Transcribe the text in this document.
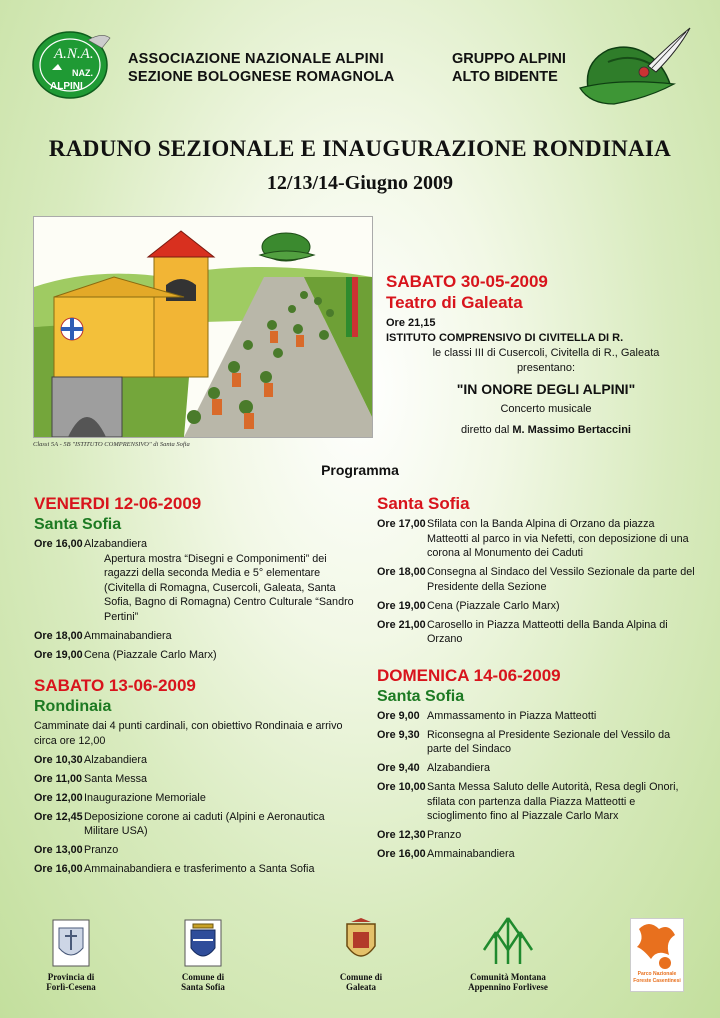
A.N.A.
NAZ.
ALPINI
ASSOCIAZIONE NAZIONALE ALPINI
SEZIONE BOLOGNESE ROMAGNOLA
GRUPPO ALPINI
ALTO BIDENTE
RADUNO SEZIONALE E INAUGURAZIONE RONDINAIA
12/13/14-Giugno 2009
Classi 5A - 5B "ISTITUTO COMPRENSIVO" di Santa Sofia
SABATO 30-05-2009
Teatro di Galeata
Ore 21,15
ISTITUTO COMPRENSIVO DI CIVITELLA DI R.
le classi III di Cusercoli, Civitella di R., Galeata
presentano:
"IN ONORE DEGLI ALPINI"
Concerto musicale
diretto dal M. Massimo Bertaccini
Programma
VENERDI 12-06-2009
Santa Sofia
Ore 16,00 Alzabandiera
Apertura mostra “Disegni e Componimenti” dei ragazzi della seconda Media e 5° elementare (Civitella di Romagna, Cusercoli, Galeata, Santa Sofia, Bagno di Romagna) Centro Culturale “Sandro Pertini”
Ore 18,00 Ammainabandiera
Ore 19,00 Cena (Piazzale Carlo Marx)
SABATO 13-06-2009
Rondinaia
Camminate dai 4 punti cardinali, con obiettivo Rondinaia e arrivo circa ore 12,00
Ore 10,30 Alzabandiera
Ore 11,00 Santa Messa
Ore 12,00 Inaugurazione Memoriale
Ore 12,45 Deposizione corone ai caduti (Alpini e Aeronautica Militare USA)
Ore 13,00 Pranzo
Ore 16,00 Ammainabandiera e trasferimento a Santa Sofia
Santa Sofia
Ore 17,00 Sfilata con la Banda Alpina di Orzano da piazza Matteotti al parco in via Nefetti, con deposizione di una corona al Monumento dei Caduti
Ore 18,00 Consegna al Sindaco del Vessilo Sezionale da parte del Presidente della Sezione
Ore 19,00 Cena (Piazzale Carlo Marx)
Ore 21,00 Carosello in Piazza Matteotti della Banda Alpina di Orzano
DOMENICA 14-06-2009
Santa Sofia
Ore 9,00 Ammassamento in Piazza Matteotti
Ore 9,30 Riconsegna al Presidente Sezionale del Vessilo da parte del Sindaco
Ore 9,40 Alzabandiera
Ore 10,00 Santa Messa Saluto delle Autorità, Resa degli Onori, sfilata con partenza dalla Piazza Matteotti e scioglimento fino al Piazzale Carlo Marx
Ore 12,30 Pranzo
Ore 16,00 Ammainabandiera
Provincia di
Forlì-Cesena
Comune di
Santa Sofia
Comune di
Galeata
Comunità Montana
Appennino Forlivese
Parco Nazionale
Foreste Casentinesi
